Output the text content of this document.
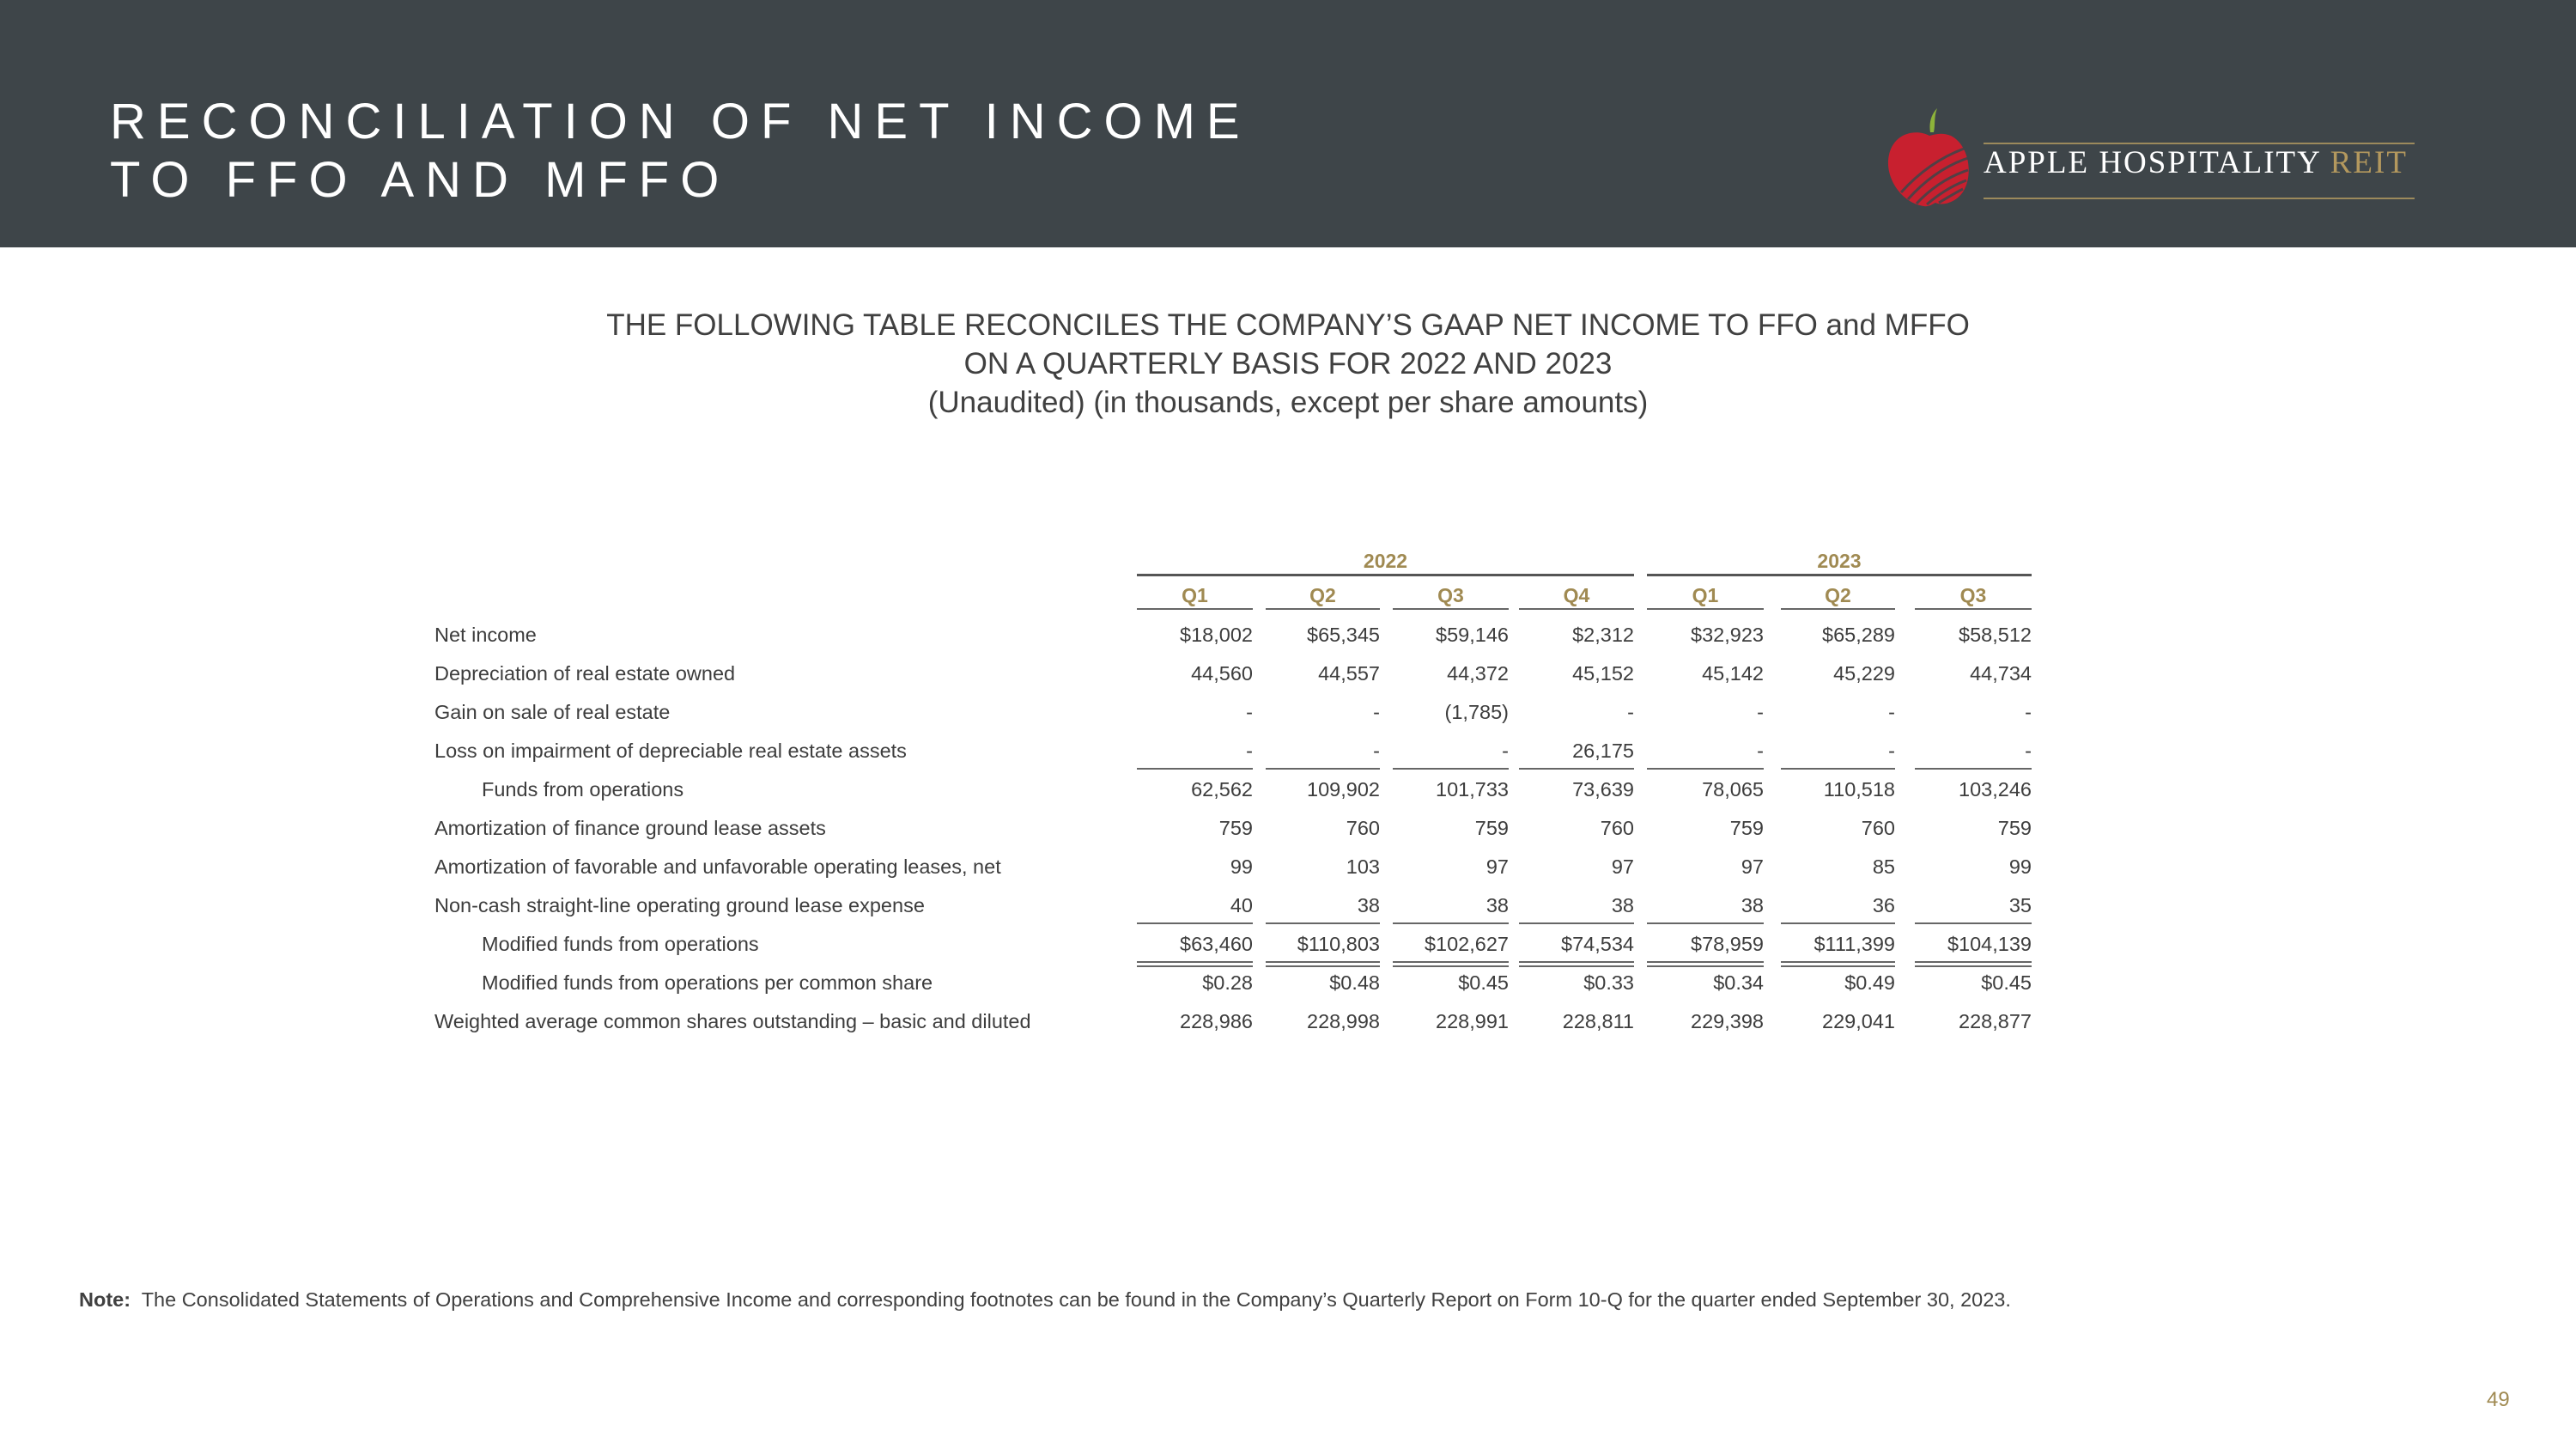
RECONCILIATION OF NET INCOME
TO FFO AND MFFO	APPLE HOSPITALITY REIT
THE FOLLOWING TABLE RECONCILES THE COMPANY’S GAAP NET INCOME TO FFO and MFFO
ON A QUARTERLY BASIS FOR 2022 AND 2023
(Unaudited) (in thousands, except per share amounts)
2022	2023
Q1	Q2	Q3	Q4	Q1	Q2	Q3
Net income	$18,002	$65,345	$59,146	$2,312	$32,923	$65,289	$58,512
Depreciation of real estate owned	44,560	44,557	44,372	45,152	45,142	45,229	44,734
Gain on sale of real estate	-	-	(1,785)	-	-	-	-
Loss on impairment of depreciable real estate assets	-	-	-	26,175	-	-	-
Funds from operations	62,562	109,902	101,733	73,639	78,065	110,518	103,246
Amortization of finance ground lease assets	759	760	759	760	759	760	759
Amortization of favorable and unfavorable operating leases, net	99	103	97	97	97	85	99
Non-cash straight-line operating ground lease expense	40	38	38	38	38	36	35
Modified funds from operations	$63,460 $110,803 $102,627	$74,534	$78,959 $111,399	$104,139
Modified funds from operations per common share	$0.28	$0.48	$0.45	$0.33	$0.34	$0.49	$0.45
Weighted average common shares outstanding – basic and diluted	228,986	228,998	228,991	228,811	229,398	229,041	228,877
Note: The Consolidated Statements of Operations and Comprehensive Income and corresponding footnotes can be found in the Company’s Quarterly Report on Form 10-Q for the quarter ended September 30, 2023.
49
